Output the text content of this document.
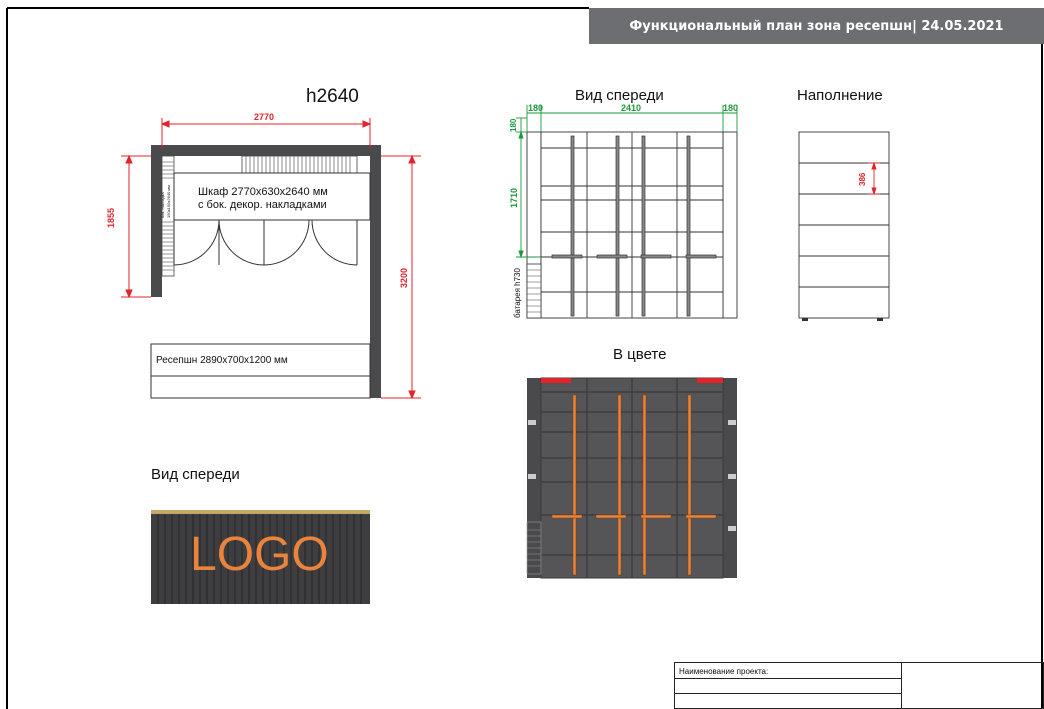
Функциональный план зона ресепшн| 24.05.2021
h2640
2770
1855
3200
Шкаф 2770x630x2640 мм
с бок. декор. накладками
бок. накладка 150х150х2640 мм
Ресепшн 2890x700x1200 мм
Вид спереди
180	2410	180
180
1710
батарея h730
Наполнение
386
В цвете
Вид спереди
LOGO
Наименование проекта:
